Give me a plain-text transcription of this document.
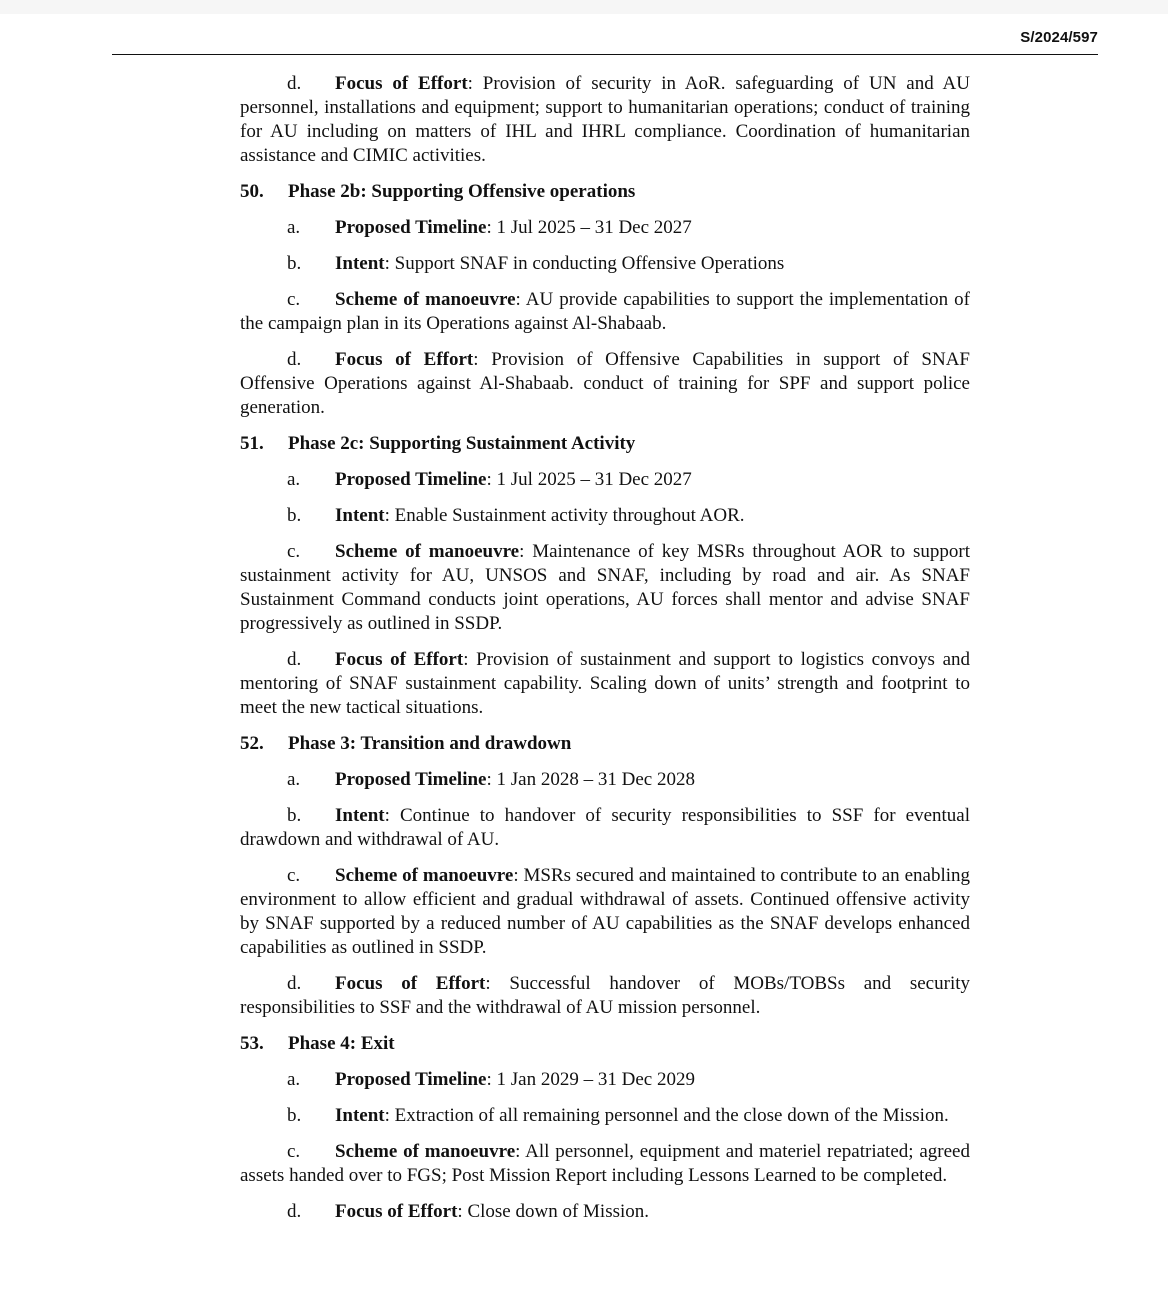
S/2024/597

d. Focus of Effort: Provision of security in AoR. safeguarding of UN and AU personnel, installations and equipment; support to humanitarian operations; conduct of training for AU including on matters of IHL and IHRL compliance. Coordination of humanitarian assistance and CIMIC activities.

50. Phase 2b: Supporting Offensive operations

a. Proposed Timeline: 1 Jul 2025 – 31 Dec 2027

b. Intent: Support SNAF in conducting Offensive Operations

c. Scheme of manoeuvre: AU provide capabilities to support the implementation of the campaign plan in its Operations against Al-Shabaab.

d. Focus of Effort: Provision of Offensive Capabilities in support of SNAF Offensive Operations against Al-Shabaab. conduct of training for SPF and support police generation.

51. Phase 2c: Supporting Sustainment Activity

a. Proposed Timeline: 1 Jul 2025 – 31 Dec 2027

b. Intent: Enable Sustainment activity throughout AOR.

c. Scheme of manoeuvre: Maintenance of key MSRs throughout AOR to support sustainment activity for AU, UNSOS and SNAF, including by road and air. As SNAF Sustainment Command conducts joint operations, AU forces shall mentor and advise SNAF progressively as outlined in SSDP.

d. Focus of Effort: Provision of sustainment and support to logistics convoys and mentoring of SNAF sustainment capability. Scaling down of units’ strength and footprint to meet the new tactical situations.

52. Phase 3: Transition and drawdown

a. Proposed Timeline: 1 Jan 2028 – 31 Dec 2028

b. Intent: Continue to handover of security responsibilities to SSF for eventual drawdown and withdrawal of AU.

c. Scheme of manoeuvre: MSRs secured and maintained to contribute to an enabling environment to allow efficient and gradual withdrawal of assets. Continued offensive activity by SNAF supported by a reduced number of AU capabilities as the SNAF develops enhanced capabilities as outlined in SSDP.

d. Focus of Effort: Successful handover of MOBs/TOBSs and security responsibilities to SSF and the withdrawal of AU mission personnel.

53. Phase 4: Exit

a. Proposed Timeline: 1 Jan 2029 – 31 Dec 2029

b. Intent: Extraction of all remaining personnel and the close down of the Mission.

c. Scheme of manoeuvre: All personnel, equipment and materiel repatriated; agreed assets handed over to FGS; Post Mission Report including Lessons Learned to be completed.

d. Focus of Effort: Close down of Mission.
